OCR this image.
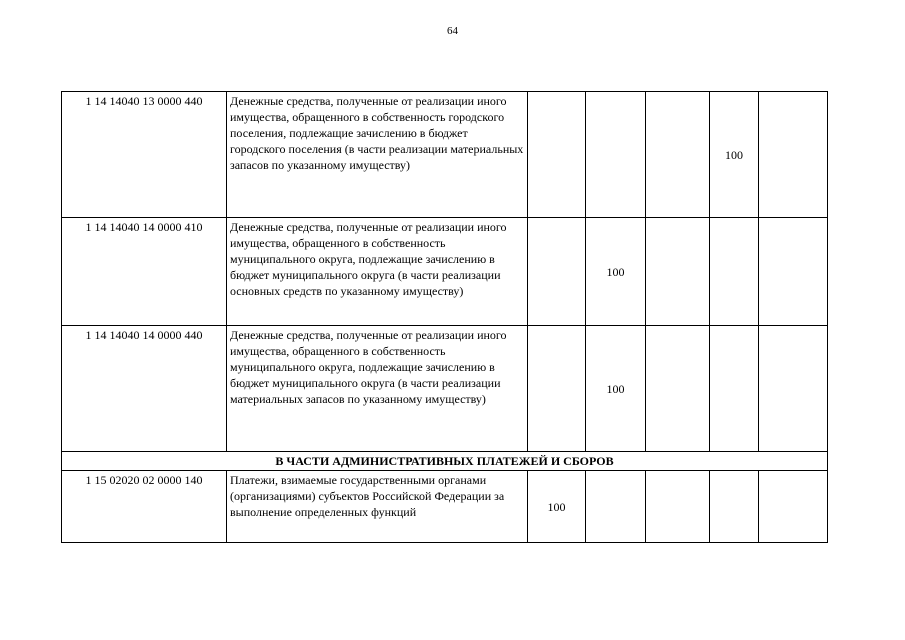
64
1 14 14040 13 0000 440	Денежные средства, полученные от реализации иного имущества, обращенного в собственность городского поселения, подлежащие зачислению в бюджет городского поселения (в части реализации материальных запасов по указанному имуществу)				100	
1 14 14040 14 0000 410	Денежные средства, полученные от реализации иного имущества, обращенного в собственность муниципального округа, подлежащие зачислению в бюджет муниципального округа (в части реализации основных средств по указанному имуществу)		100			
1 14 14040 14 0000 440	Денежные средства, полученные от реализации иного имущества, обращенного в собственность муниципального округа, подлежащие зачислению в бюджет муниципального округа (в части реализации материальных запасов по указанному имуществу)		100			
В ЧАСТИ АДМИНИСТРАТИВНЫХ ПЛАТЕЖЕЙ И СБОРОВ						
1 15 02020 02 0000 140	Платежи, взимаемые государственными органами (организациями) субъектов Российской Федерации за выполнение определенных функций	100				
